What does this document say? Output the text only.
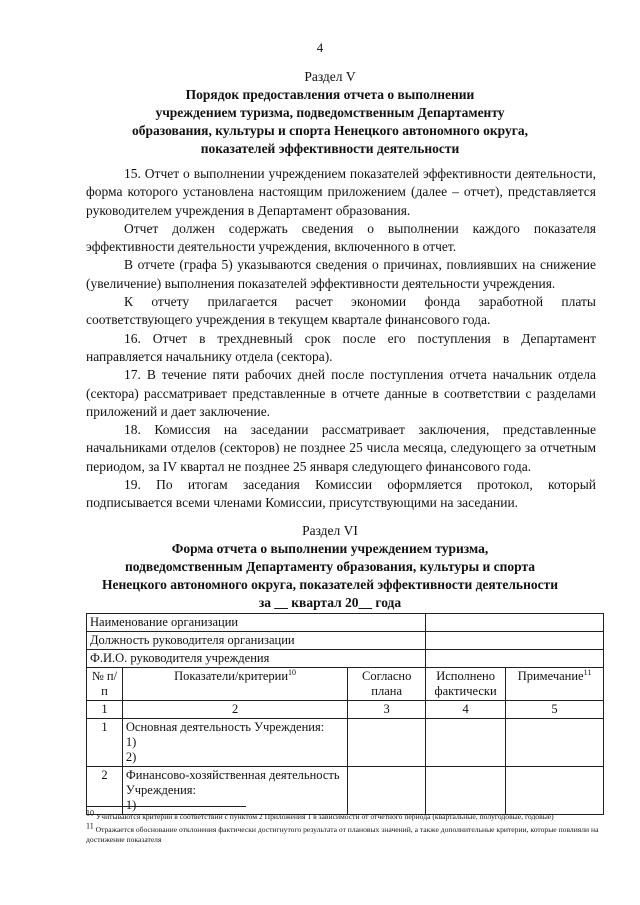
4
Раздел V
Порядок предоставления отчета о выполнении
учреждением туризма, подведомственным Департаменту
образования, культуры и спорта Ненецкого автономного округа,
показателей эффективности деятельности

15. Отчет о выполнении учреждением показателей эффективности деятельности, форма которого установлена настоящим приложением (далее – отчет), представляется руководителем учреждения в Департамент образования.

Отчет должен содержать сведения о выполнении каждого показателя эффективности деятельности учреждения, включенного в отчет.

В отчете (графа 5) указываются сведения о причинах, повлиявших на снижение (увеличение) выполнения показателей эффективности деятельности учреждения.

К отчету прилагается расчет экономии фонда заработной платы соответствующего учреждения в текущем квартале финансового года.

16. Отчет в трехдневный срок после его поступления в Департамент направляется начальнику отдела (сектора).

17. В течение пяти рабочих дней после поступления отчета начальник отдела (сектора) рассматривает представленные в отчете данные в соответствии с разделами приложений и дает заключение.

18. Комиссия на заседании рассматривает заключения, представленные начальниками отделов (секторов) не позднее 25 числа месяца, следующего за отчетным периодом, за IV квартал не позднее 25 января следующего финансового года.

19. По итогам заседания Комиссии оформляется протокол, который подписывается всеми членами Комиссии, присутствующими на заседании.

Раздел VI
Форма отчета о выполнении учреждением туризма,
подведомственным Департаменту образования, культуры и спорта
Ненецкого автономного округа, показателей эффективности деятельности
за __ квартал 20__ года
Наименование организации				
Должность руководителя организации				
Ф.И.О. руководителя учреждения				
№ п/п	Показатели/критерии$^{10}$	Согласно плана	Исполнено фактически	Примечание$^{11}$
1	2	3	4	5
1	Основная деятельность Учреждения:
1)
2)			

2	Финансово-хозяйственная деятельность Учреждения:
1)			

$^{10}$ Учитываются критерии в соответствии с пунктом 2 Приложения 1 в зависимости от отчетного периода (квартальные, полугодовые, годовые)
$^{11}$ Отражается обоснование отклонения фактически достигнутого результата от плановых значений, а также дополнительные критерии, которые повлияли на достижение показателя
